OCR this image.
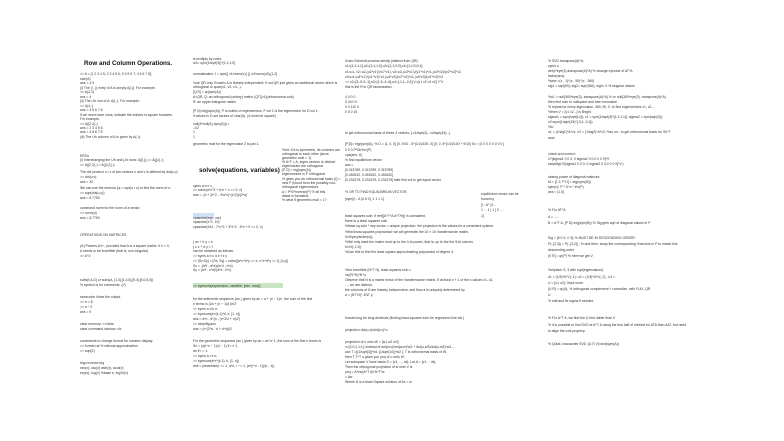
Row and Column Operations.
>> A = [1 2 3 4 5; 2 3 4 5 6; 3 4 5 6 7; 4 5 6 7 8];
size(A)
ans = 4 5
(i) The (i , j) entry of A is simply A(i,j). For example,
>> A(2,3)
ans = 4
(ii) The i-th row of A: A(i,:). For example,
>> A(4,:)
ans = 4 5 6 7 8
If we need more rows, indicate the indices in square brackets.
For example,
>> A([2,4],:)
ans = 2 3 4 5 6
ans = 4 5 6 7 8
(iii) The i-th column of A is given by A(:,i).
EROs
(i) Interchanging the i-th and j-th rows: A([i,j],:) = A([j,i],:);
>> A([2,3],:) = A([3,2],:);
The dot product u • v of two vectors u and v is defined by dot(u,v)
>> dot(u,v)
ans = 32
We can use the formula |u| = sqrt(u • u) to find the norm of u:
>> sqrt(dot(u,u))
ans = 8.7750
command norm for the norm of a vector:
>> norm(u)
ans = 8.7750
OPERATIONS ON MATRICES
(ix) Powers A^n , provided that A is a square matrix. If n < 0,
A needs to be invertible (that is, non-singular).
>> A^2
subs(f,A,D) or subs(A, [1,3],[1,4,5],[5,4],[5,0,5,0])
% symbol is for comments. (//)
semicolon hides the output
>> a = 5;
>> a ^ 2
ans = 9
clear memory: >>clear
clear command window: clc
commands to change format for numeric display:
>> format rat % rational approximation
>> sqrt(2)
trigo inverse trig
sec(x), csc(x) asin(x), acot(x)
exp(x), log(x) %base e, log10(x)
solve(equations, variables)
>> symsum(expression, variable, [min, max])
is multiply by roots:
w3= sym(1/sqrt(3))*[1;1;1;0]
normalization: f = sym([ v1/norm(v1) ]) u3/norm(u3),[1,2]
*use QR only if matrix A is linearly independent; If not QR just gives an additional vector which is
orthogonal to span(v1, v2, v3...).
[Q R] = qr(sym(A))
A=QR, Q: an orthogonal (unitary) matrix (QTQ=I)(orthonormal cols)
R: an upper triangular matrix.
[P D]=eig(sym(A)), P is matrix of eigenvectors, P col 1 is the eigenvector for D col 1;
if values in D are factors of char(A). (A must be square)
null(A*null(A) sym(A))) =
-1/2
1
1
geometric mult for the eigenvalue 2 is just 1.
syms a b c x_
>> solve(a*x^2 + b*x + c == 0, x)
ans = -(b + (b^2 - 4*a*c)^(1/2))/(2*a)
vpasolve(eqn, var)
vpasolve(x^2, 10)
vpasolve(x04 - 7*x^3 + 3*x^2 - 5*x + 9 == 0, x)
( ax + b y = e
( c x + d y = f
can be obtained as follows.
>> syms a b c d e f x y
>> [Sx,Sy] = [Sx, Sy] = solve([a*x+b*y == e, c*x+d*y == f], [x,y])
Sx = -(b*f - d*e)/(a*d - b*c)
Sy = (a*f - c*e)/(a*d - b*c)
for the arithmetic sequence {an } given by an = a + (n − 1)d , the sum of the first
n terms is (2a + (n − 1)d )n/2:
>> syms a d k n;
>> symsum(a+(k-1)*d, k, [1, n])
ans = a*n - d*(n - (n^2/2 + n)/2)
>> simplify(ans
ans = (n*(2*a - d + d*n))/2
For the geometric sequence {an } given by an = ar^n−1, the sum of the first n terms is
Sn = (a(r^n − 1)/(r − 1) if r ≠ 1,
an if r = 1.
>> syms a r k n;
>> symsum(a*r^(k-1), k, [1, n])
ans = piecewise(r == 1, a*n, r ~= 1, (a*(r^n - 1))/(r - 1))
*hint: If A is symmetric, its columns are
orthogonal to each other (since
geometric mult = 1).
*If A^T = A, eigen-vectors to distinct
eigenvalues are orthogonal
[P D] = eig(sym(A))
eigenvectors in P orthogonal
% gives you an orthonormal basis (Q =
new P (found from the possibly non-
orthogonal eigenvectors.
A = P*D*inverse(P) % all this
diada is formative.
% what if geometric mult = 1?
Gram Schmidt process strictly (distinct from QR):
v1=[1;1;1;1],u2=[1;1;1;0],u3=[1;1;0;0],v4=[1;1;0;0;1];
v1=u1, v2=u2-(u2*v1')/(v1'*v1), v3=u3-(u3*v1')/(v1'*v1)*v1-(u3*v2)/(v2'*v2)*v2,
v4=u4-(u4*v1')/(v1'*v1)*v1-(u4*v2)/(v2'*v2)*v2-(u4*v3)/(v3'*v3)*v3
>> v2=[3;-5;3;-1];u3=[1;3;-4;-6];u4=[-1;1;-2;2];V=[v1 v2 v3 v4] Y"V
this is the R in QR factorization.
4 0 0 0
0 44 0 0
0 0 110 0
0 0 0 15
to get orthonormal basis of these 4 vectors, {.v1/sqrt(4)...v4/sqrt(44)...}
[P,D]= eig(sym(A)), % D = [1, 0, 0] [0, 9/10 - 5^(1/2)/100, 0] [0, 0, 5^(1/2)/100 + 9/10] Sx = [1 0 0 0 0 0 0 0 ]
0 0 0 P*Dk*inv(P)
vpa(ans, 6)
% find equilibrium vector
ans =
[0.315789, 0.315789, 0.315789]
[0.452632, 0.452632, 0.452632]
[0.231579, 0.231579, 0.231579] take first col to get equal vector
% OR TO FIND EQUILIBRIUM VECTOR,
[sym(I) - A [0.5 0]; 1 1 1 1]
least squares soln: if rref([A^T*A A^T*b]) is consistent,
there is a least squares soln
%least sq soln * any vector = unique projection. the projection is the values for a consistent system.
%find least squares polynomial: we will generate the 10 × 10 Vandermonde matrix.
N=flipir(vander(x));
%We only want the matrix mod up to the 4-th power, that is, up to the the 5-th column.
N=N(:,1:5);
%Use this to find the least square approximating polynomial of degree 4.
%for invertible (N^T N), least squares soln =
inv(N'*N)*N'*y
Observe that N is a matrix minor of the Vandermonde matrix. If at least n + 1 of the x-values x1, x2,
..., xm are distinct,
the columns of N are linearly independent, and thus a is uniquely determined by
a = (NT N)^-1NT y.
format long for long decimals (finding least squares soln for regression line etc.)
projection dot(u,v)/dot(v,v)*v;
projection of u onto W = [w1 w2 w3]
v=[2;0;1;1;1]; instead of dot(w,v)/dot(w,w)*w2 + dot(u,w2)/dot(u,w3)*w3,...
use T =[(1/sqrt(3))*w1 (1/sqrt(10))*w2 ], T is orthonormal basis of W,
then T T^T u gives you proj of u onto W.
Let subspace V have basis S = {v1, ..., vk}. Let A = [v1 ... vk].
Then the orthogonal projection of w onto V is
proj = A*inv(A^T A)*A^T*w
= Aw
Where Â is a least Square solution of Ax = w
equilibrium vector can be
found by
[I - Aᵀ |0...
1 ... 1 | 1 ] 0 ...
1]
% SVD transpose(A)*A;
syms x;
det(x*eye(3)-transpose(A)*A) % change eycolue of AT*A
factor(ans);
%ans =(x - 1)*(x - 90)*(x - 360)
sig1 = sqrt(90); sig2= sqrt(360); sig3= 0 % singular values
%u1 = null(360*eye(3)- transpose(A)*A) % or null(360*eye(3)- transpose(A)*A)
then find soln to nullspace and then normalize
% repeat for every eigenvalue, 360, 90, 0. to find eigenvectors v1, v2....
%then V = [v1 v2...] is Bright.
sigma1 = sym(sqrt(14)); v1 = sym(1/sqrt(3)*[1;1;1;1]); sigma2 = sym(sqrt(3));
v2=sym(1/sqrt(15)*[-3;1;-2;1]);
%U
u1 = (1/sig1)*A*v1; u2 = (1/sig2)*A*v2; %so on.. to get orthonormal basis for Sk^T
ana!
check and correct:
U*[sigma1 0 0 0; 0 sigma2 0 0;0 0 0 0]*V'
simplify(U*[sigma1 0 0 0; 0 sigma2 0 0;0 0 0 0]*V')
raising power of diagonal matrices
M = [1 2; P D] = eig(sym(M))
sym(n); P * D^n * inv(P)
ans = [1,0]
% For AT*A
A = ...;
B = A^T A; [P D]=eig(sym(B)) % Sig gets sqrt of diagonal values in P
Sig = [5 0 0; 0 3]; % MUST BE IN DESCENDING ORDER.
P(:,[2,3]) = P(:,[3,2]) ; % and then, swap the corresponding %vectors in P to match this
descending order
[V R] = qr(P) % here we get V.
%replace S, 3 with sqrt(eigenvalues)
u1 = (1/5)*A*V(:,1); u2 = (1/3)*A*V(:,2) , u3 =
U = [u1 u2]; %put more
[U R] = qr(U); % orthogonal complement + normalize, with FULL QR
U
% edit and fix sigma if needed
% For A^T A, we find the U first rather than V
% it is possible to find SVD of A^T A using the first half of method for ATA then AAT, but need
to align the cols properly.
% Quick, inaccurate SVD: [U S V]=svd(sym(A))
